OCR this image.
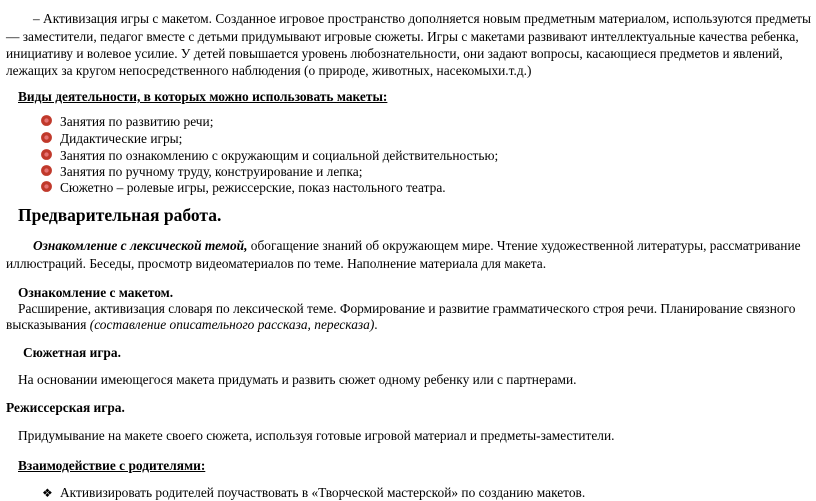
– Активизация игры с макетом. Созданное игровое пространство дополняется новым предметным материалом, используются предметы
— заместители, педагог вместе с детьми придумывают игровые сюжеты. Игры с макетами развивают интеллектуальные качества ребенка,
инициативу и волевое усилие. У детей повышается уровень любознательности, они задают вопросы, касающиеся предметов и явлений,
лежащих за кругом непосредственного наблюдения (о природе, животных, насекомыхи.т.д.)
Виды деятельности, в которых можно использовать макеты:
Занятия по развитию речи;
Дидактические игры;
Занятия по ознакомлению с окружающим и социальной действительностью;
Занятия по ручному труду, конструирование и лепка;
Сюжетно – ролевые игры, режиссерские, показ настольного театра.
Предварительная работа.
Ознакомление с лексической темой, обогащение знаний об окружающем мире. Чтение художественной литературы, рассматривание
иллюстраций. Беседы, просмотр видеоматериалов по теме. Наполнение материала для макета.
Ознакомление с макетом.
Расширение, активизация словаря по лексической теме. Формирование и развитие грамматического строя речи. Планирование связного
высказывания (составление описательного рассказа, пересказа).
Сюжетная игра.
На основании имеющегося макета придумать и развить сюжет одному ребенку или с партнерами.
Режиссерская игра.
Придумывание на макете своего сюжета, используя готовые игровой материал и предметы-заместители.
Взаимодействие с родителями:
❖ Активизировать родителей поучаствовать в «Творческой мастерской» по созданию макетов.
